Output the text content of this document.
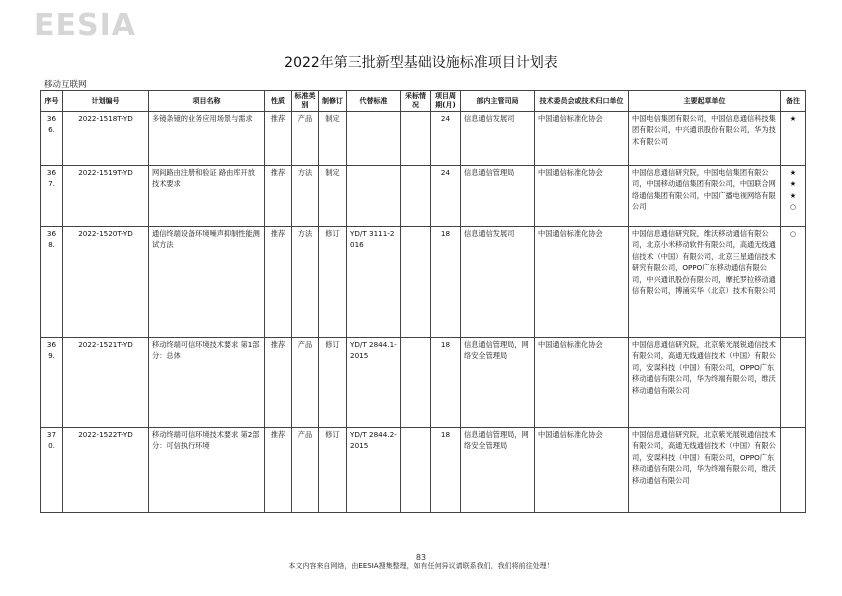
EESIA
2022年第三批新型基础设施标准项目计划表
移动互联网
序号	计划编号	项目名称	性质	标准类别	制修订	代替标准	采标情况	项目周期(月)	部内主管司局	技术委员会或技术归口单位	主要起草单位	备注
366.	2022-1518T-YD	多镜条镜的业务应用场景与需求	推荐	产品	制定			24	信息通信发展司	中国通信标准化协会	中国电信集团有限公司，中国信息通信科技集团有限公司，中兴通讯股份有限公司，华为技术有限公司	★

367.	2022-1519T-YD	网间路由注册和验证 路由库开放技术要求	推荐	方法	制定			24	信息通信管理局	中国通信标准化协会	中国信息通信研究院，中国电信集团有限公司，中国移动通信集团有限公司，中国联合网络通信集团有限公司，中国广播电视网络有限公司	★
★
★
○

368.	2022-1520T-YD	通信终端设备环境噪声抑制性能测试方法	推荐	方法	修订	YD/T 3111-2016		18	信息通信发展司	中国通信标准化协会	中国信息通信研究院，维沃移动通信有限公司，北京小米移动软件有限公司，高通无线通信技术（中国）有限公司，北京三星通信技术研究有限公司，OPPO广东移动通信有限公司，中兴通讯股份有限公司，摩托罗拉移动通信有限公司，博涌实华（北京）技术有限公司	○

369.	2022-1521T-YD	移动终端可信环境技术要求 第1部分：总体	推荐	产品	修订	YD/T 2844.1-2015		18	信息通信管理局，网络安全管理局	中国通信标准化协会	中国信息通信研究院，北京紫光展锐通信技术有限公司，高通无线通信技术（中国）有限公司，安谋科技（中国）有限公司，OPPO广东移动通信有限公司，华为终端有限公司，维沃移动通信有限公司	
370.	2022-1522T-YD	移动终端可信环境技术要求 第2部分：可信执行环境	推荐	产品	修订	YD/T 2844.2-2015		18	信息通信管理局，网络安全管理局	中国通信标准化协会	中国信息通信研究院，北京紫光展锐通信技术有限公司，高通无线通信技术（中国）有限公司，安谋科技（中国）有限公司，OPPO广东移动通信有限公司，华为终端有限公司，维沃移动通信有限公司	
83
本文内容来自网络，由EESIA搜集整理，如有任何异议请联系我们，我们将前往处理！
